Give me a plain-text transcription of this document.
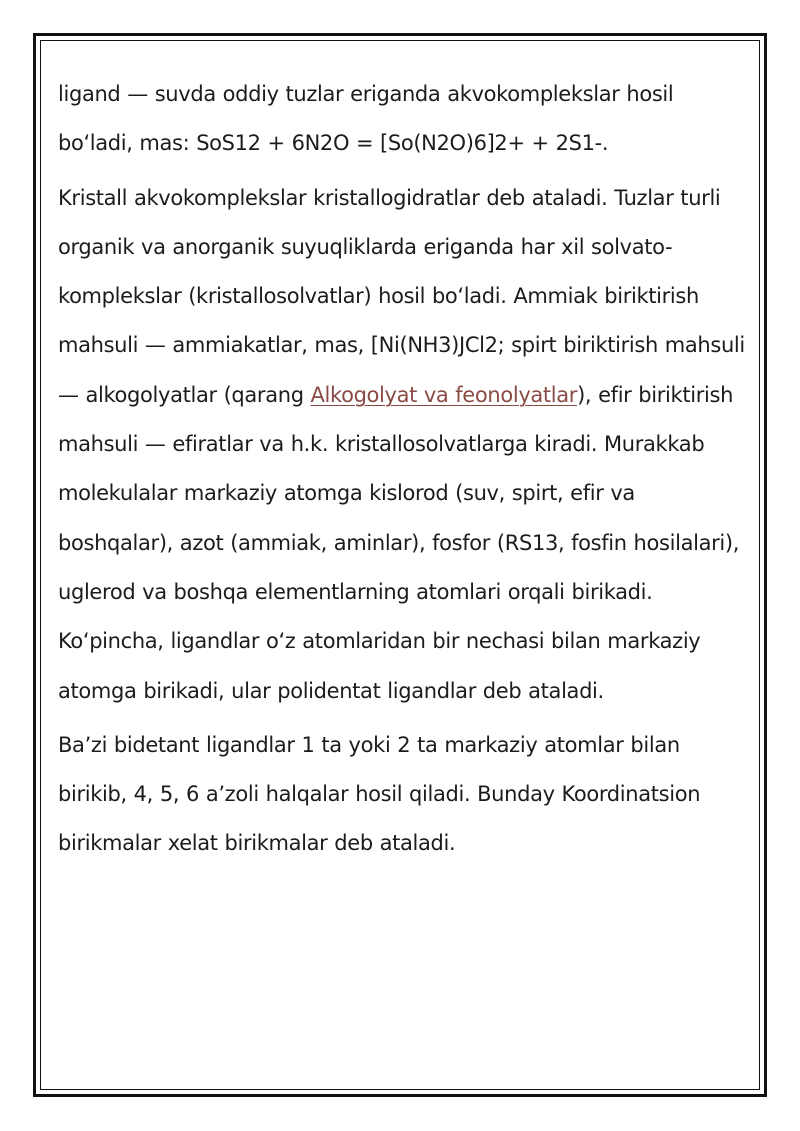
ligand — suvda oddiy tuzlar eriganda akvokomplekslar hosil boʻladi, mas: SoS12 + 6N2O = [So(N2O)6]2+ + 2S1-.

Kristall akvokomplekslar kristallogidratlar deb ataladi. Tuzlar turli organik va anorganik suyuqliklarda eriganda har xil solvato-komplekslar (kristallosolvatlar) hosil boʻladi. Ammiak biriktirish mahsuli — ammiakatlar, mas, [Ni(NH3)JCl2; spirt biriktirish mahsuli — alkogolyatlar (qarang Alkogolyat va feonolyatlar), efir biriktirish mahsuli — efiratlar va h.k. kristallosolvatlarga kiradi. Murakkab molekulalar markaziy atomga kislorod (suv, spirt, efir va boshqalar), azot (ammiak, aminlar), fosfor (RS13, fosfin hosilalari), uglerod va boshqa elementlarning atomlari orqali birikadi. Koʻpincha, ligandlar oʻz atomlaridan bir nechasi bilan markaziy atomga birikadi, ular polidentat ligandlar deb ataladi.

Baʼzi bidetant ligandlar 1 ta yoki 2 ta markaziy atomlar bilan birikib, 4, 5, 6 aʼzoli halqalar hosil qiladi. Bunday Koordinatsion birikmalar xelat birikmalar deb ataladi.
